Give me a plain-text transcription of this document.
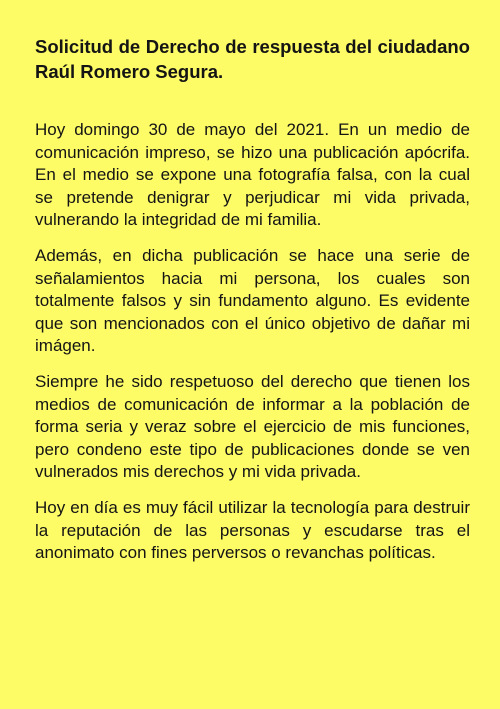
Solicitud de Derecho de respuesta del ciudadano Raúl Romero Segura.

Hoy domingo 30 de mayo del 2021. En un medio de comunicación impreso, se hizo una publicación apócrifa. En el medio se expone una fotografía falsa, con la cual se pretende denigrar y perjudicar mi vida privada, vulnerando la integridad de mi familia.

Además, en dicha publicación se hace una serie de señalamientos hacia mi persona, los cuales son totalmente falsos y sin fundamento alguno. Es evidente que son mencionados con el único objetivo de dañar mi imágen.

Siempre he sido respetuoso del derecho que tienen los medios de comunicación de informar a la población de forma seria y veraz sobre el ejercicio de mis funciones, pero condeno este tipo de publicaciones donde se ven vulnerados mis derechos y mi vida privada.

Hoy en día es muy fácil utilizar la tecnología para destruir la reputación de las personas y escudarse tras el anonimato con fines perversos o revanchas políticas.
